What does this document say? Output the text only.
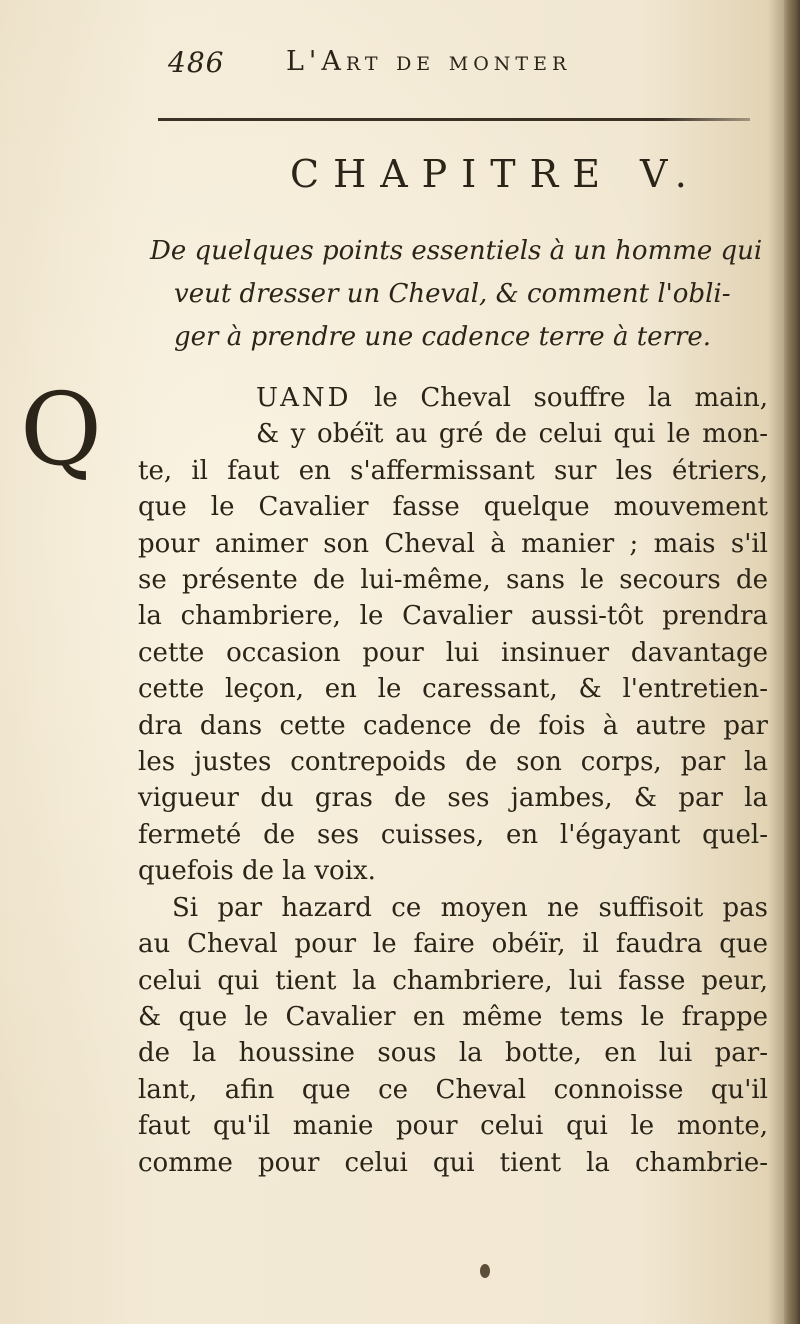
486 L'Art de monter
CHAPITRE V.
De quelques points essentiels à un homme qui
veut dresser un Cheval, & comment l'obli-
ger à prendre une cadence terre à terre.
Q	UAND le Cheval souffre la main,
& y obéït au gré de celui qui le mon-
te, il faut en s'affermissant sur les étriers,
que le Cavalier fasse quelque mouvement
pour animer son Cheval à manier ; mais s'il
se présente de lui-même, sans le secours de
la chambriere, le Cavalier aussi-tôt prendra
cette occasion pour lui insinuer davantage
cette leçon, en le caressant, & l'entretien-
dra dans cette cadence de fois à autre par
les justes contrepoids de son corps, par la
vigueur du gras de ses jambes, & par la
fermeté de ses cuisses, en l'égayant quel-
quefois de la voix.
Si par hazard ce moyen ne suffisoit pas
au Cheval pour le faire obéïr, il faudra que
celui qui tient la chambriere, lui fasse peur,
& que le Cavalier en même tems le frappe
de la houssine sous la botte, en lui par-
lant, afin que ce Cheval connoisse qu'il
faut qu'il manie pour celui qui le monte,
comme pour celui qui tient la chambrie-
